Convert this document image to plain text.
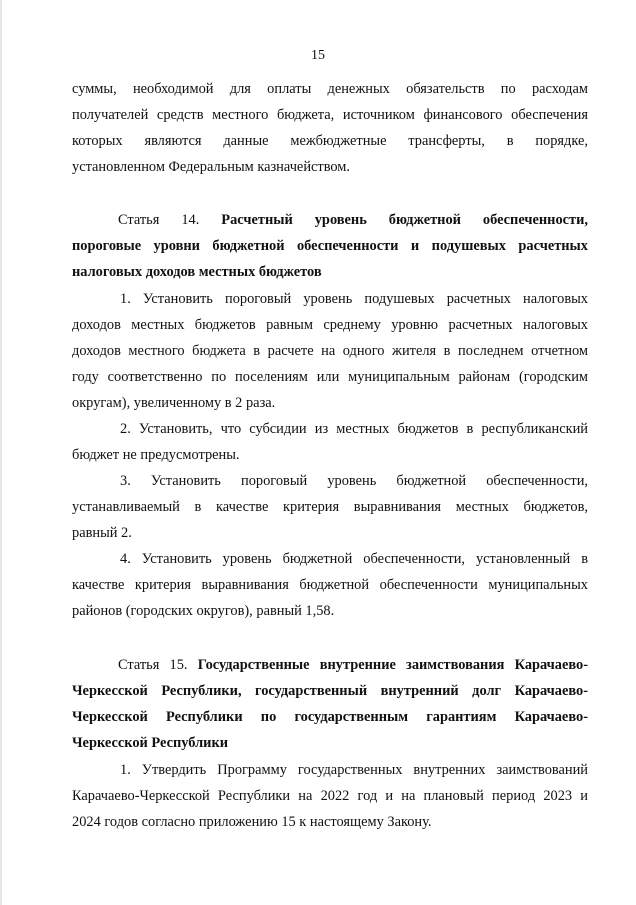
15
суммы, необходимой для оплаты денежных обязательств по расходам
получателей средств местного бюджета, источником финансового обеспечения
которых являются данные межбюджетные трансферты, в порядке,
установленном Федеральным казначейством.
Статья 14. Расчетный уровень бюджетной обеспеченности,
пороговые уровни бюджетной обеспеченности и подушевых расчетных
налоговых доходов местных бюджетов
1. Установить пороговый уровень подушевых расчетных налоговых
доходов местных бюджетов равным среднему уровню расчетных налоговых
доходов местного бюджета в расчете на одного жителя в последнем отчетном
году соответственно по поселениям или муниципальным районам (городским
округам), увеличенному в 2 раза.
2. Установить, что субсидии из местных бюджетов в республиканский
бюджет не предусмотрены.
3. Установить пороговый уровень бюджетной обеспеченности,
устанавливаемый в качестве критерия выравнивания местных бюджетов,
равный 2.
4. Установить уровень бюджетной обеспеченности, установленный в
качестве критерия выравнивания бюджетной обеспеченности муниципальных
районов (городских округов), равный 1,58.
Статья 15. Государственные внутренние заимствования Карачаево-
Черкесской Республики, государственный внутренний долг Карачаево-
Черкесской Республики по государственным гарантиям Карачаево-
Черкесской Республики
1. Утвердить Программу государственных внутренних заимствований
Карачаево-Черкесской Республики на 2022 год и на плановый период 2023 и
2024 годов согласно приложению 15 к настоящему Закону.
